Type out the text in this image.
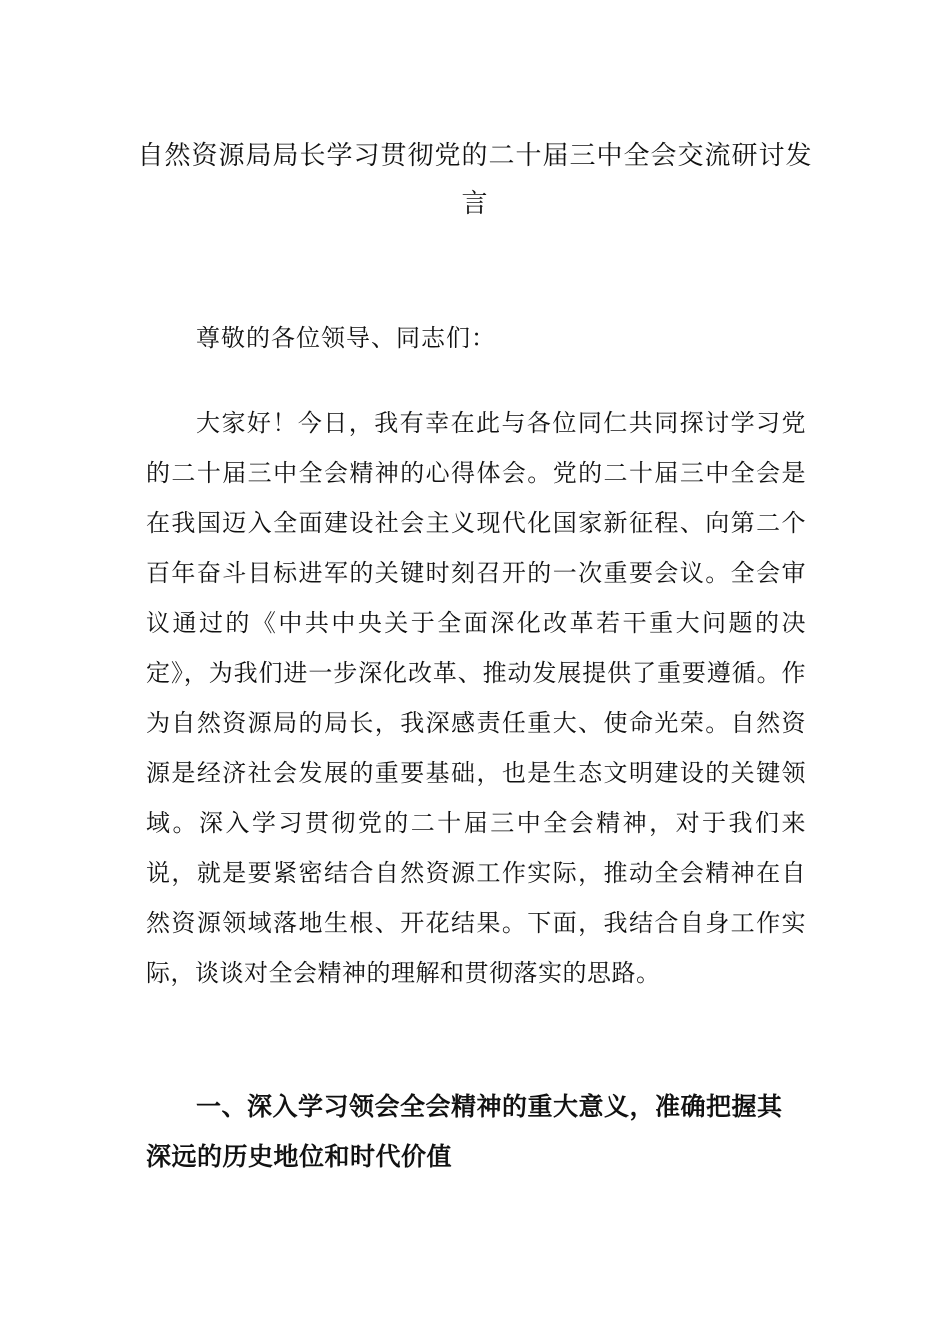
自然资源局局长学习贯彻党的二十届三中全会交流研讨发言

尊敬的各位领导、同志们：

大家好！今日，我有幸在此与各位同仁共同探讨学习党的二十届三中全会精神的心得体会。党的二十届三中全会是在我国迈入全面建设社会主义现代化国家新征程、向第二个百年奋斗目标进军的关键时刻召开的一次重要会议。全会审议通过的《中共中央关于全面深化改革若干重大问题的决定》，为我们进一步深化改革、推动发展提供了重要遵循。作为自然资源局的局长，我深感责任重大、使命光荣。自然资源是经济社会发展的重要基础，也是生态文明建设的关键领域。深入学习贯彻党的二十届三中全会精神，对于我们来说，就是要紧密结合自然资源工作实际，推动全会精神在自然资源领域落地生根、开花结果。下面，我结合自身工作实际，谈谈对全会精神的理解和贯彻落实的思路。

一、深入学习领会全会精神的重大意义，准确把握其深远的历史地位和时代价值
